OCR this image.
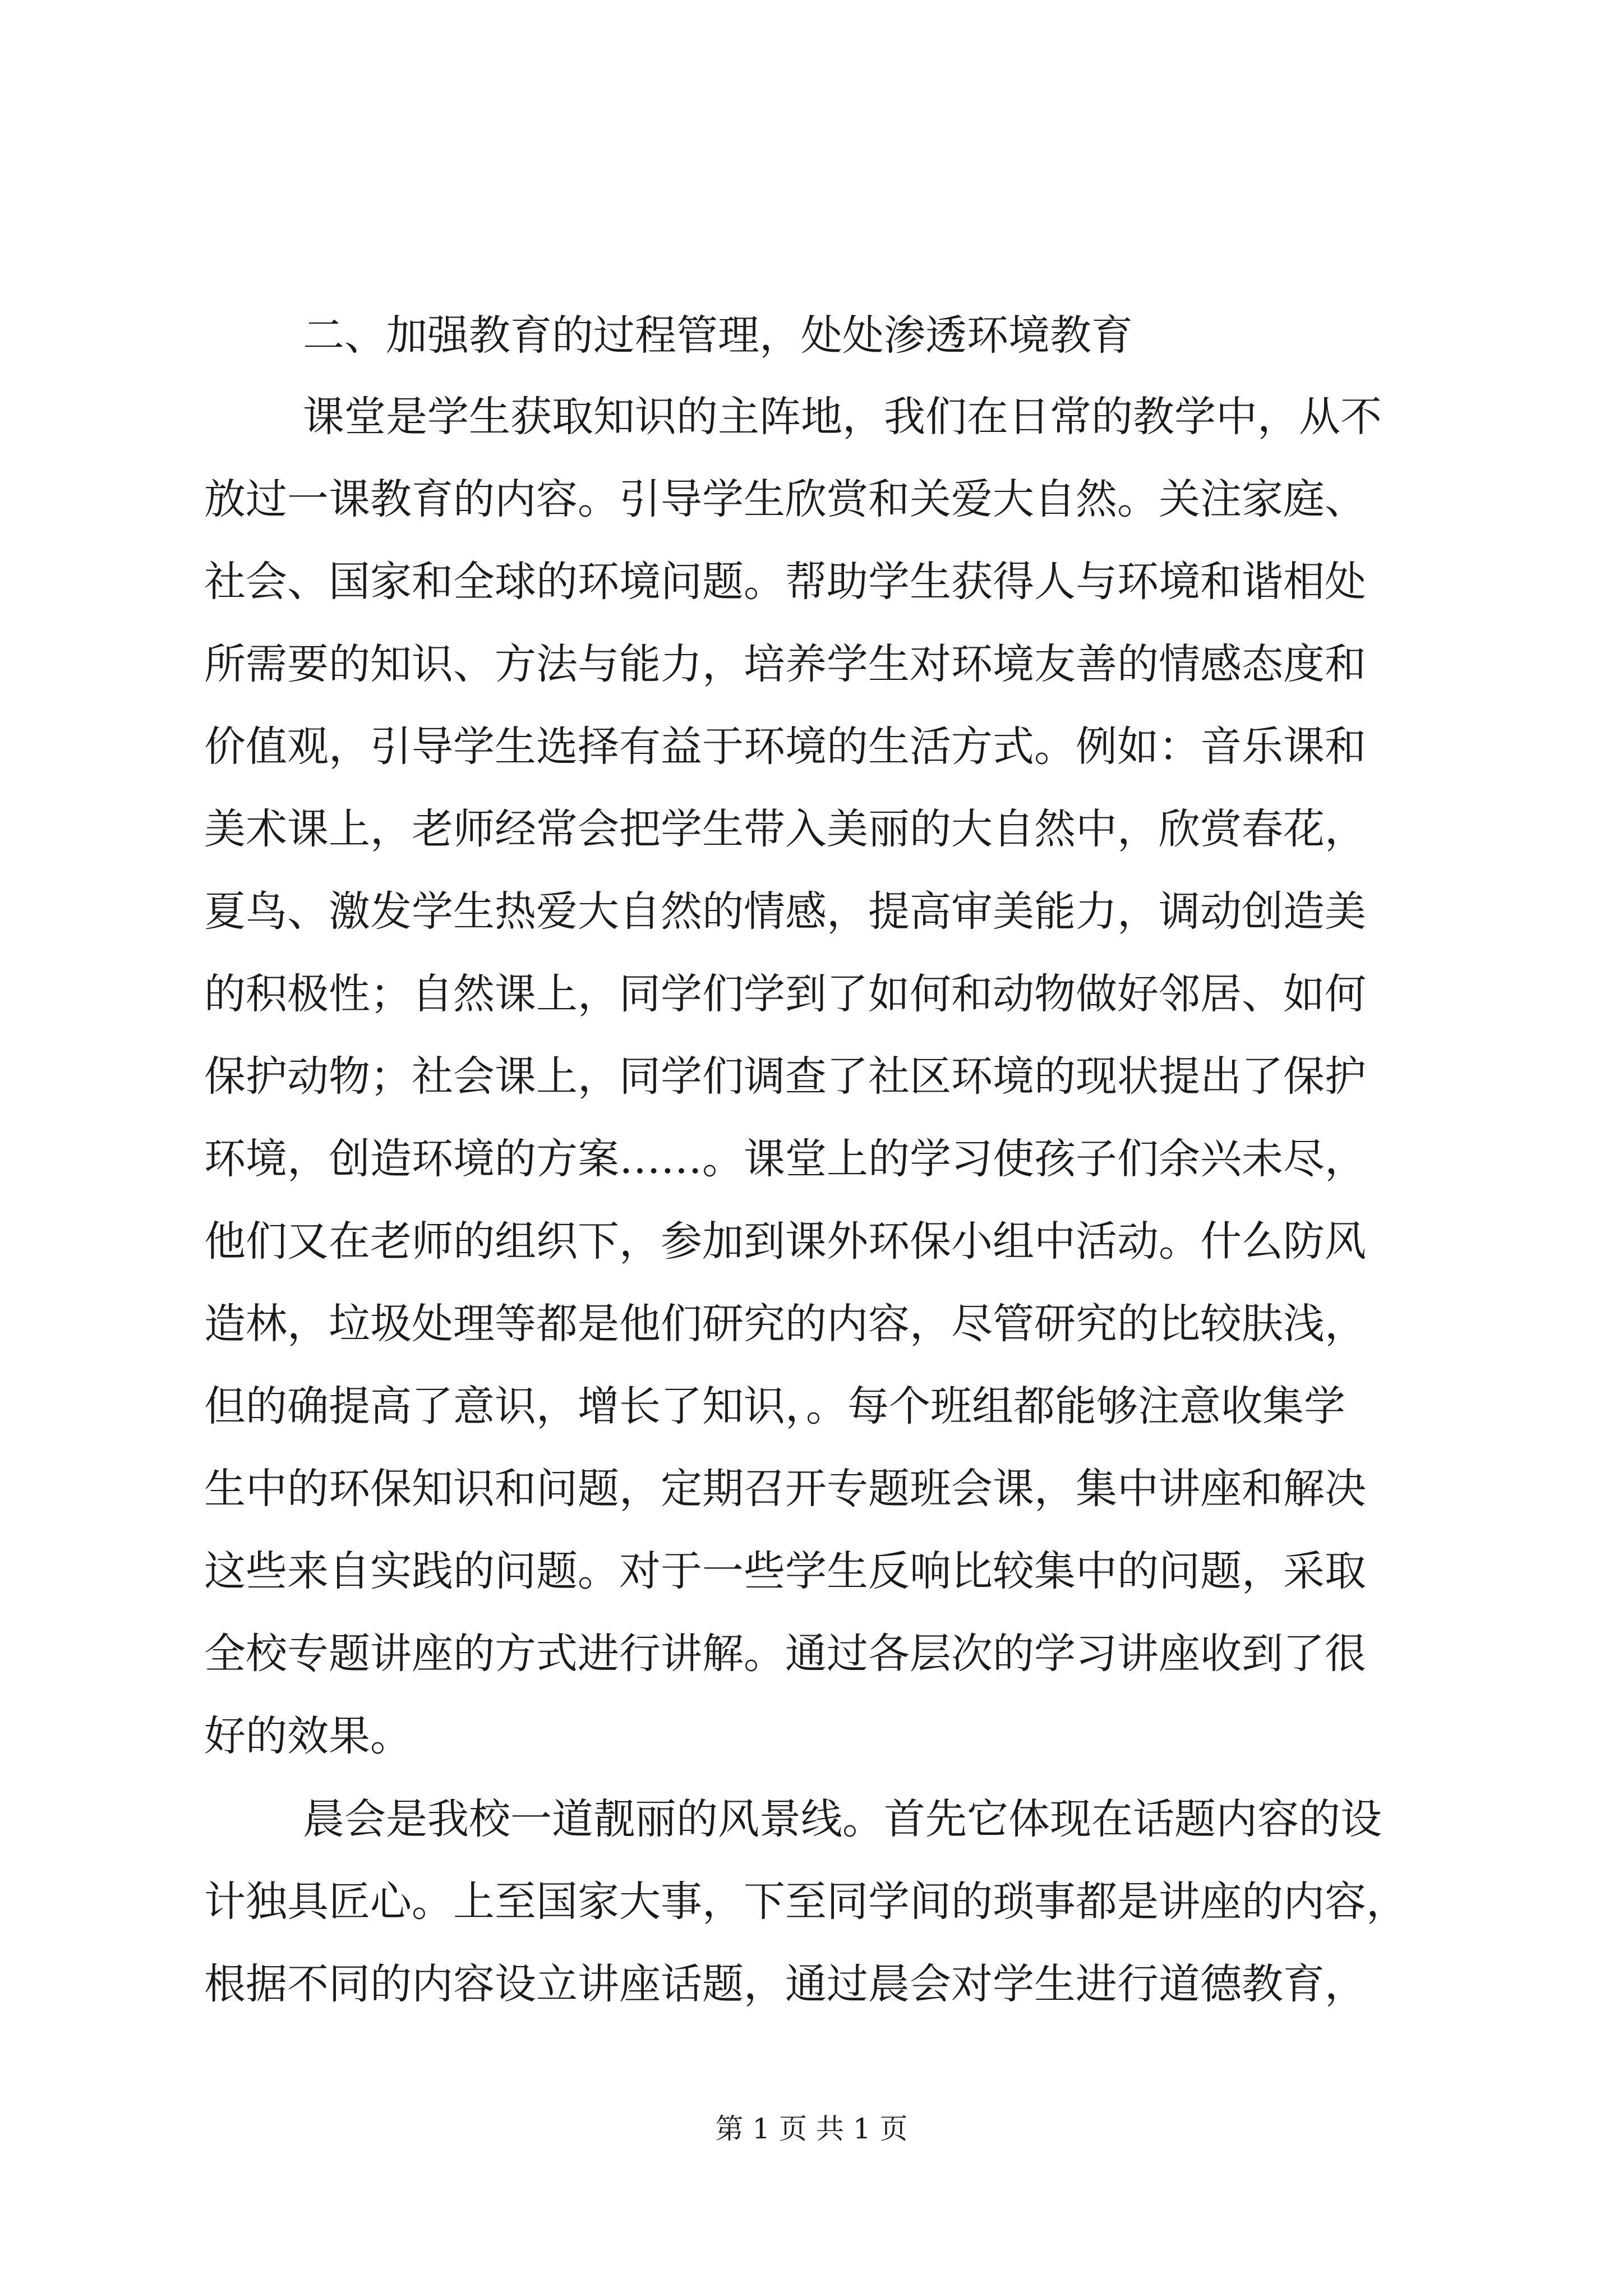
二、加强教育的过程管理，处处渗透环境教育
课堂是学生获取知识的主阵地，我们在日常的教学中，从不
放过一课教育的内容。引导学生欣赏和关爱大自然。关注家庭、
社会、国家和全球的环境问题。帮助学生获得人与环境和谐相处
所需要的知识、方法与能力，培养学生对环境友善的情感态度和
价值观，引导学生选择有益于环境的生活方式。例如：音乐课和
美术课上，老师经常会把学生带入美丽的大自然中，欣赏春花，
夏鸟、激发学生热爱大自然的情感，提高审美能力，调动创造美
的积极性；自然课上，同学们学到了如何和动物做好邻居、如何
保护动物；社会课上，同学们调查了社区环境的现状提出了保护
环境，创造环境的方案……。课堂上的学习使孩子们余兴未尽，
他们又在老师的组织下，参加到课外环保小组中活动。什么防风
造林，垃圾处理等都是他们研究的内容，尽管研究的比较肤浅，
但的确提高了意识，增长了知识，。每个班组都能够注意收集学
生中的环保知识和问题，定期召开专题班会课，集中讲座和解决
这些来自实践的问题。对于一些学生反响比较集中的问题，采取
全校专题讲座的方式进行讲解。通过各层次的学习讲座收到了很
好的效果。
晨会是我校一道靓丽的风景线。首先它体现在话题内容的设
计独具匠心。上至国家大事，下至同学间的琐事都是讲座的内容，
根据不同的内容设立讲座话题，通过晨会对学生进行道德教育，
第 1 页 共 1 页
